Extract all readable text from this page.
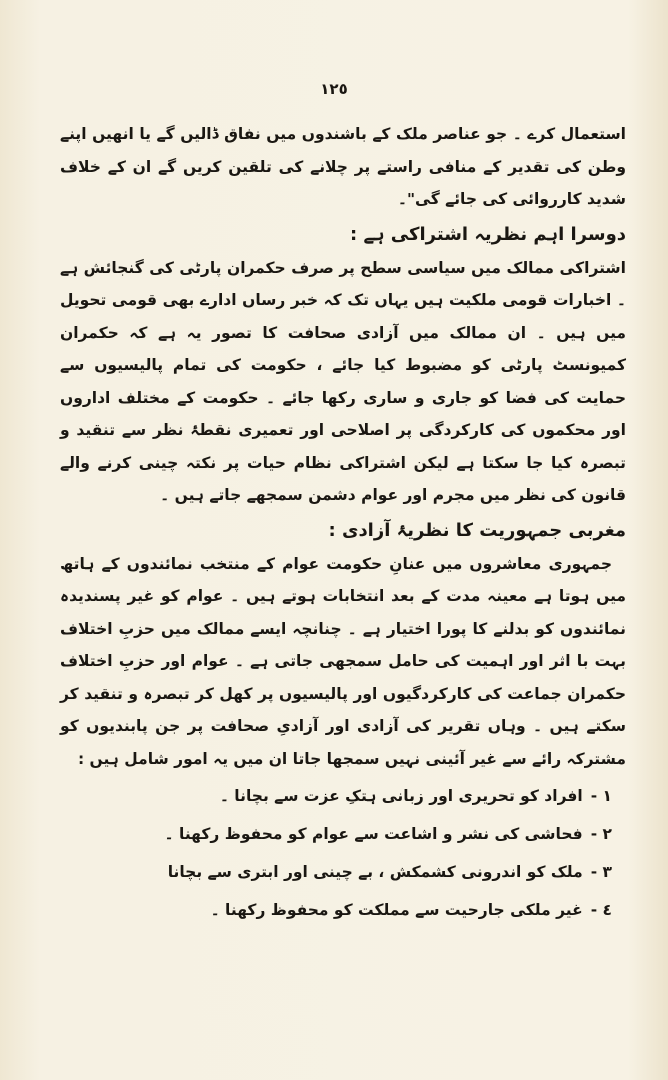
١٢٥

استعمال کرے ۔ جو عناصر ملک کے باشندوں میں نفاق ڈالیں گے یا انھیں اپنے وطن کی تقدیر کے منافی راستے پر چلانے کی تلقین کریں گے ان کے خلاف شدید کارروائی کی جائے گی"۔

دوسرا اہم نظریہ اشتراکی ہے :

اشتراکی ممالک میں سیاسی سطح پر صرف حکمران پارٹی کی گنجائش ہے ۔ اخبارات قومی ملکیت ہیں یہاں تک کہ خبر رساں ادارے بھی قومی تحویل میں ہیں ۔ ان ممالک میں آزادی صحافت کا تصور یہ ہے کہ حکمران کمیونسٹ پارٹی کو مضبوط کیا جائے ، حکومت کی تمام پالیسیوں سے حمایت کی فضا کو جاری و ساری رکھا جائے ۔ حکومت کے مختلف اداروں اور محکموں کی کارکردگی پر اصلاحی اور تعمیری نقطۂ نظر سے تنقید و تبصرہ کیا جا سکتا ہے لیکن اشتراکی نظام حیات پر نکتہ چینی کرنے والے قانون کی نظر میں مجرم اور عوام دشمن سمجھے جاتے ہیں ۔

مغربی جمہوریت کا نظریۂ آزادی :

جمہوری معاشروں میں عنانِ حکومت عوام کے منتخب نمائندوں کے ہاتھ میں ہوتا ہے معینہ مدت کے بعد انتخابات ہوتے ہیں ۔ عوام کو غیر پسندیدہ نمائندوں کو بدلنے کا پورا اختیار ہے ۔ چنانچہ ایسے ممالک میں حزبِ اختلاف بہت با اثر اور اہمیت کی حامل سمجھی جاتی ہے ۔ عوام اور حزبِ اختلاف حکمران جماعت کی کارکردگیوں اور پالیسیوں پر کھل کر تبصرہ و تنقید کر سکتے ہیں ۔ وہاں تقریر کی آزادی اور آزادیِ صحافت پر جن پابندیوں کو مشترکہ رائے سے غیر آئینی نہیں سمجھا جاتا ان میں یہ امور شامل ہیں :

١ -افراد کو تحریری اور زبانی ہتکِ عزت سے بچانا ۔
٢ -فحاشی کی نشر و اشاعت سے عوام کو محفوظ رکھنا ۔
٣ -ملک کو اندرونی کشمکش ، بے چینی اور ابتری سے بچانا
٤ -غیر ملکی جارحیت سے مملکت کو محفوظ رکھنا ۔
